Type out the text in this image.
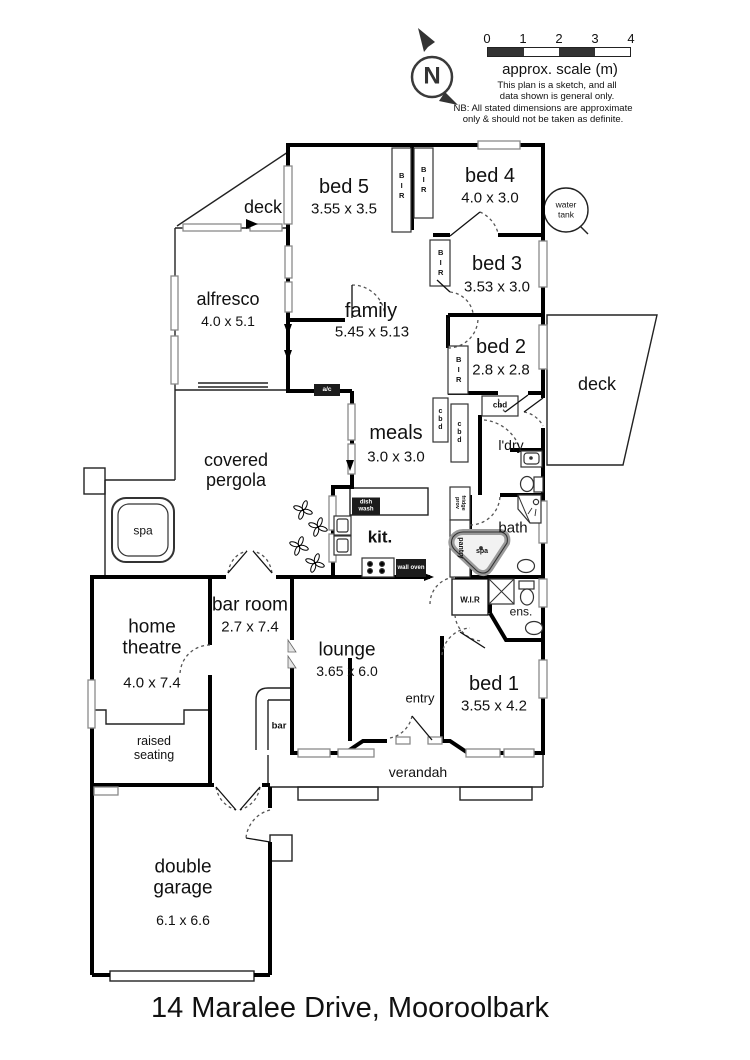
N
0	1	2	3	4
approx. scale (m)
This plan is a sketch, and all
data shown is general only.
NB: All stated dimensions are approximate
only & should not be taken as definite.
deck
bed 5
3.55 x 3.5
bed 4
4.0 x 3.0
bed 3
3.53 x 3.0
bed 2
2.8 x 2.8
alfresco
4.0 x 5.1	family
5.45 x 5.13
meals
3.0 x 3.0
deck
l'dry
covered pergola
spa	kit.	bath
home theatre
4.0 x 7.4
bar room
2.7 x 7.4
lounge
3.65 x 6.0
W.I.R
ens.
bed 1
3.55 x 4.2
entry
verandah
raised seating
bar
double garage
6.1 x 6.6
water tank
BIR BIR
BIR
BIR
cbd
cbd
cbd
fridge prov
pantry spa
a/c
dish wash
wall oven
14 Maralee Drive, Mooroolbark
